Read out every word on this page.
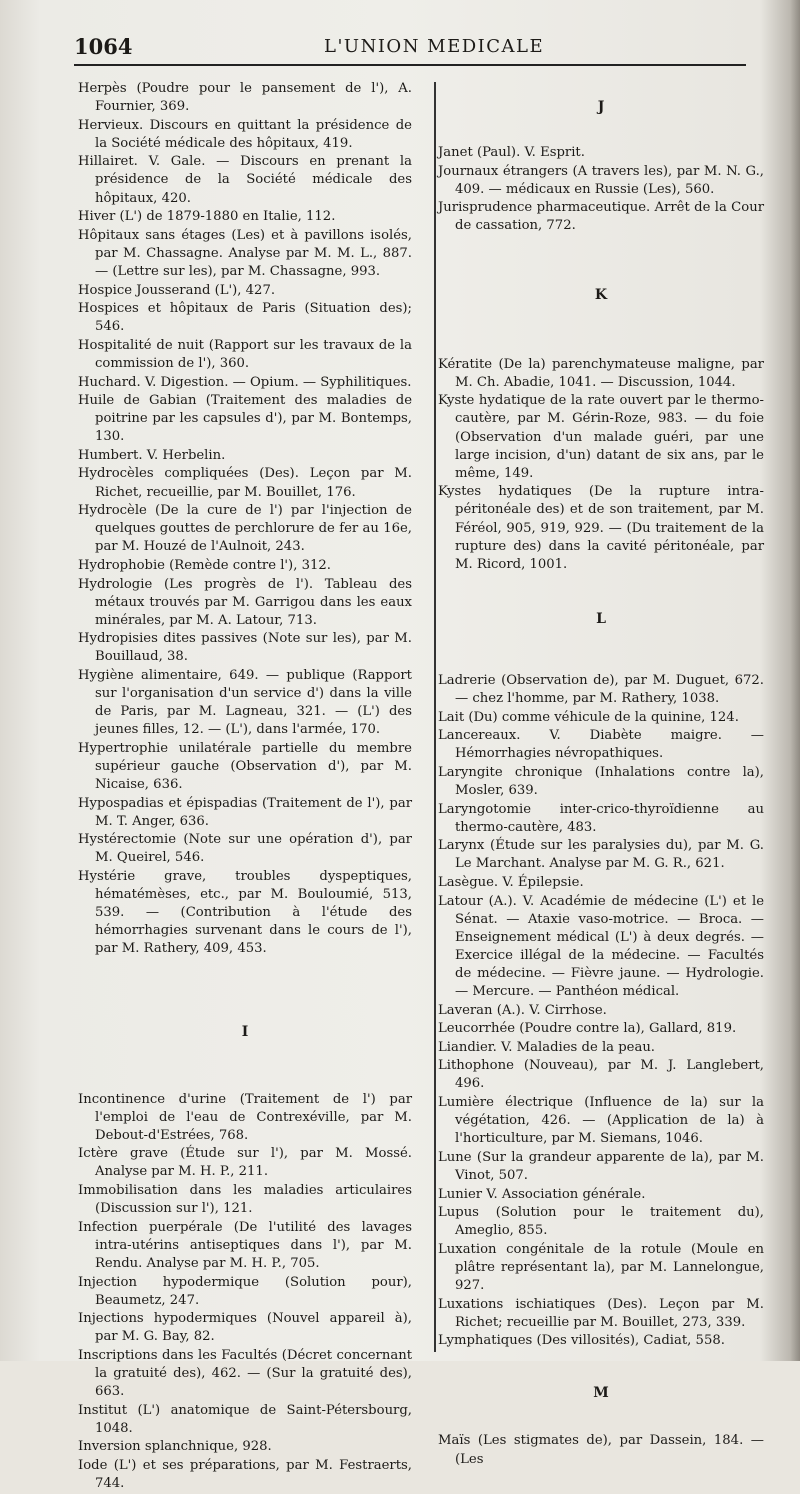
1064	L'UNION MEDICALE

Herpès (Poudre pour le pansement de l'), A. Fournier, 369.

Hervieux. Discours en quittant la présidence de la Société médicale des hôpitaux, 419.

Hillairet. V. Gale. — Discours en prenant la présidence de la Société médicale des hôpitaux, 420.

Hiver (L') de 1879-1880 en Italie, 112.

Hôpitaux sans étages (Les) et à pavillons isolés, par M. Chassagne. Analyse par M. M. L., 887. — (Lettre sur les), par M. Chassagne, 993.

Hospice Jousserand (L'), 427.

Hospices et hôpitaux de Paris (Situation des); 546.

Hospitalité de nuit (Rapport sur les travaux de la commission de l'), 360.

Huchard. V. Digestion. — Opium. — Syphilitiques.

Huile de Gabian (Traitement des maladies de poitrine par les capsules d'), par M. Bontemps, 130.

Humbert. V. Herbelin.

Hydrocèles compliquées (Des). Leçon par M. Richet, recueillie, par M. Bouillet, 176.

Hydrocèle (De la cure de l') par l'injection de quelques gouttes de perchlorure de fer au 16e, par M. Houzé de l'Aulnoit, 243.

Hydrophobie (Remède contre l'), 312.

Hydrologie (Les progrès de l'). Tableau des métaux trouvés par M. Garrigou dans les eaux minérales, par M. A. Latour, 713.

Hydropisies dites passives (Note sur les), par M. Bouillaud, 38.

Hygiène alimentaire, 649. — publique (Rapport sur l'organisation d'un service d') dans la ville de Paris, par M. Lagneau, 321. — (L') des jeunes filles, 12. — (L'), dans l'armée, 170.

Hypertrophie unilatérale partielle du membre supérieur gauche (Observation d'), par M. Nicaise, 636.

Hypospadias et épispadias (Traitement de l'), par M. T. Anger, 636.

Hystérectomie (Note sur une opération d'), par M. Queirel, 546.

Hystérie grave, troubles dyspeptiques, hématémèses, etc., par M. Bouloumié, 513, 539. — (Contribution à l'étude des hémorrhagies survenant dans le cours de l'), par M. Rathery, 409, 453.

I

Incontinence d'urine (Traitement de l') par l'emploi de l'eau de Contrexéville, par M. Debout-d'Estrées, 768.

Ictère grave (Étude sur l'), par M. Mossé. Analyse par M. H. P., 211.

Immobilisation dans les maladies articulaires (Discussion sur l'), 121.

Infection puerpérale (De l'utilité des lavages intra-utérins antiseptiques dans l'), par M. Rendu. Analyse par M. H. P., 705.

Injection hypodermique (Solution pour), Beaumetz, 247.

Injections hypodermiques (Nouvel appareil à), par M. G. Bay, 82.

Inscriptions dans les Facultés (Décret concernant la gratuité des), 462. — (Sur la gratuité des), 663.

Institut (L') anatomique de Saint-Pétersbourg, 1048.

Inversion splanchnique, 928.

Iode (L') et ses préparations, par M. Festraerts, 744.

J

Janet (Paul). V. Esprit.

Journaux étrangers (A travers les), par M. N. G., 409. — médicaux en Russie (Les), 560.

Jurisprudence pharmaceutique. Arrêt de la Cour de cassation, 772.

K

Kératite (De la) parenchymateuse maligne, par M. Ch. Abadie, 1041. — Discussion, 1044.

Kyste hydatique de la rate ouvert par le thermo-cautère, par M. Gérin-Roze, 983. — du foie (Observation d'un malade guéri, par une large incision, d'un) datant de six ans, par le même, 149.

Kystes hydatiques (De la rupture intra-péritonéale des) et de son traitement, par M. Féréol, 905, 919, 929. — (Du traitement de la rupture des) dans la cavité péritonéale, par M. Ricord, 1001.

L

Ladrerie (Observation de), par M. Duguet, 672. — chez l'homme, par M. Rathery, 1038.

Lait (Du) comme véhicule de la quinine, 124.

Lancereaux. V. Diabète maigre. — Hémorrhagies névropathiques.

Laryngite chronique (Inhalations contre la), Mosler, 639.

Laryngotomie inter-crico-thyroïdienne au thermo-cautère, 483.

Larynx (Étude sur les paralysies du), par M. G. Le Marchant. Analyse par M. G. R., 621.

Lasègue. V. Épilepsie.

Latour (A.). V. Académie de médecine (L') et le Sénat. — Ataxie vaso-motrice. — Broca. — Enseignement médical (L') à deux degrés. — Exercice illégal de la médecine. — Facultés de médecine. — Fièvre jaune. — Hydrologie. — Mercure. — Panthéon médical.

Laveran (A.). V. Cirrhose.

Leucorrhée (Poudre contre la), Gallard, 819.

Liandier. V. Maladies de la peau.

Lithophone (Nouveau), par M. J. Langlebert, 496.

Lumière électrique (Influence de la) sur la végétation, 426. — (Application de la) à l'horticulture, par M. Siemans, 1046.

Lune (Sur la grandeur apparente de la), par M. Vinot, 507.

Lunier V. Association générale.

Lupus (Solution pour le traitement du), Ameglio, 855.

Luxation congénitale de la rotule (Moule en plâtre représentant la), par M. Lannelongue, 927.

Luxations ischiatiques (Des). Leçon par M. Richet; recueillie par M. Bouillet, 273, 339.

Lymphatiques (Des villosités), Cadiat, 558.

M

Maïs (Les stigmates de), par Dassein, 184. — (Les
